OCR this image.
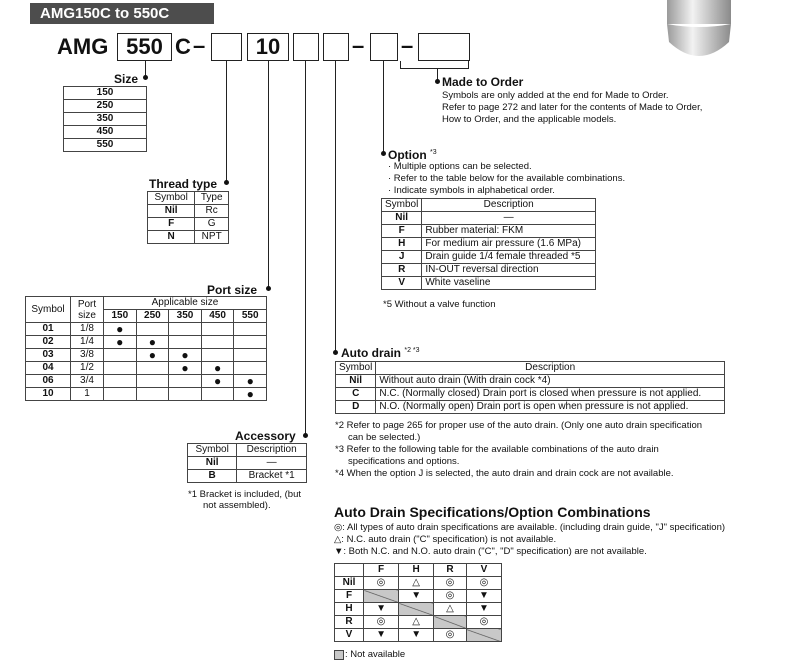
AMG150C to 550C
AMG 550 C –	10	– –
Size
150
250
350
450
550
Thread type
Symbol	Type
Nil	Rc
F	G
N	NPT
Port size
Symbol	Port size	Applicable size				
		150	250	350	450	550
01	1/8	●				
02	1/4	●	●			
03	3/8		●	●		
04	1/2			●	●	
06	3/4				●	●
10	1					●
Accessory
Symbol	Description
Nil	—
B	Bracket *1
*1 Bracket is included, (but
not assembled).
Made to Order
Symbols are only added at the end for Made to Order.
Refer to page 272 and later for the contents of Made to Order,
How to Order, and the applicable models.
Option $^{*3}$
· Multiple options can be selected.
· Refer to the table below for the available combinations.
· Indicate symbols in alphabetical order.
Symbol	Description
Nil	—
F	Rubber material: FKM
H	For medium air pressure (1.6 MPa)
J	Drain guide 1/4 female threaded *5
R	IN-OUT reversal direction
V	White vaseline
*5 Without a valve function
Auto drain $^{*2 *3}$
Symbol	Description
Nil	Without auto drain (With drain cock *4)
C	N.C. (Normally closed) Drain port is closed when pressure is not applied.
D	N.O. (Normally open) Drain port is open when pressure is not applied.
*2 Refer to page 265 for proper use of the auto drain. (Only one auto drain specification
can be selected.)
*3 Refer to the following table for the available combinations of the auto drain
specifications and options.
*4 When the option J is selected, the auto drain and drain cock are not available.
Auto Drain Specifications/Option Combinations
◎: All types of auto drain specifications are available. (including drain guide, "J" specification)
△: N.C. auto drain ("C" specification) is not available.
▼: Both N.C. and N.O. auto drain ("C", "D" specification) are not available.
	F	H	R	V
Nil	◎	△	◎	◎
F		▼	◎	▼
H	▼		△	▼
R	◎	△		◎
V	▼	▼	◎	
: Not available
